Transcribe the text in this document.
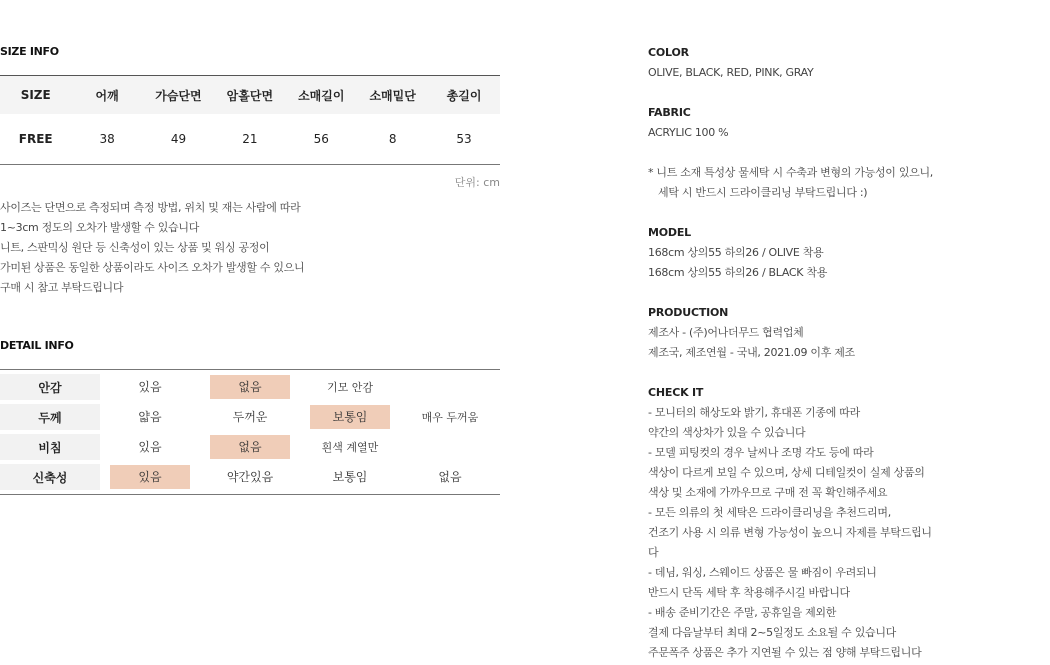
SIZE INFO
SIZE	어깨	가슴단면	암홀단면	소매길이	소매밑단	총길이
FREE	38	49	21	56	8	53
단위: cm

사이즈는 단면으로 측정되며 측정 방법, 위치 및 재는 사람에 따라

1~3cm 정도의 오차가 발생할 수 있습니다

니트, 스판믹싱 원단 등 신축성이 있는 상품 및 워싱 공정이

가미된 상품은 동일한 상품이라도 사이즈 오차가 발생할 수 있으니

구매 시 참고 부탁드립니다

DETAIL INFO
안감	있음	없음	기모 안감
두께	얇음	두꺼운	보통임	매우 두꺼움
비침	있음	없음	흰색 계열만
신축성	있음	약간있음	보통임	없음
COLOR
OLIVE, BLACK, RED, PINK, GRAY
FABRIC
ACRYLIC 100 %
* 니트 소재 특성상 물세탁 시 수축과 변형의 가능성이 있으니,
세탁 시 반드시 드라이클리닝 부탁드립니다 :)
MODEL
168cm 상의55 하의26 / OLIVE 착용
168cm 상의55 하의26 / BLACK 착용
PRODUCTION
제조사 - (주)어나더무드 협력업체
제조국, 제조연월 - 국내, 2021.09 이후 제조
CHECK IT
- 모니터의 해상도와 밝기, 휴대폰 기종에 따라
약간의 색상차가 있을 수 있습니다
- 모델 피팅컷의 경우 날씨나 조명 각도 등에 따라
색상이 다르게 보일 수 있으며, 상세 디테일컷이 실제 상품의
색상 및 소재에 가까우므로 구매 전 꼭 확인해주세요
- 모든 의류의 첫 세탁은 드라이클리닝을 추천드리며,
건조기 사용 시 의류 변형 가능성이 높으니 자제를 부탁드립니
다
- 데님, 워싱, 스웨이드 상품은 물 빠짐이 우려되니
반드시 단독 세탁 후 착용해주시길 바랍니다
- 배송 준비기간은 주말, 공휴일을 제외한
결제 다음날부터 최대 2~5일정도 소요될 수 있습니다
주문폭주 상품은 추가 지연될 수 있는 점 양해 부탁드립니다
